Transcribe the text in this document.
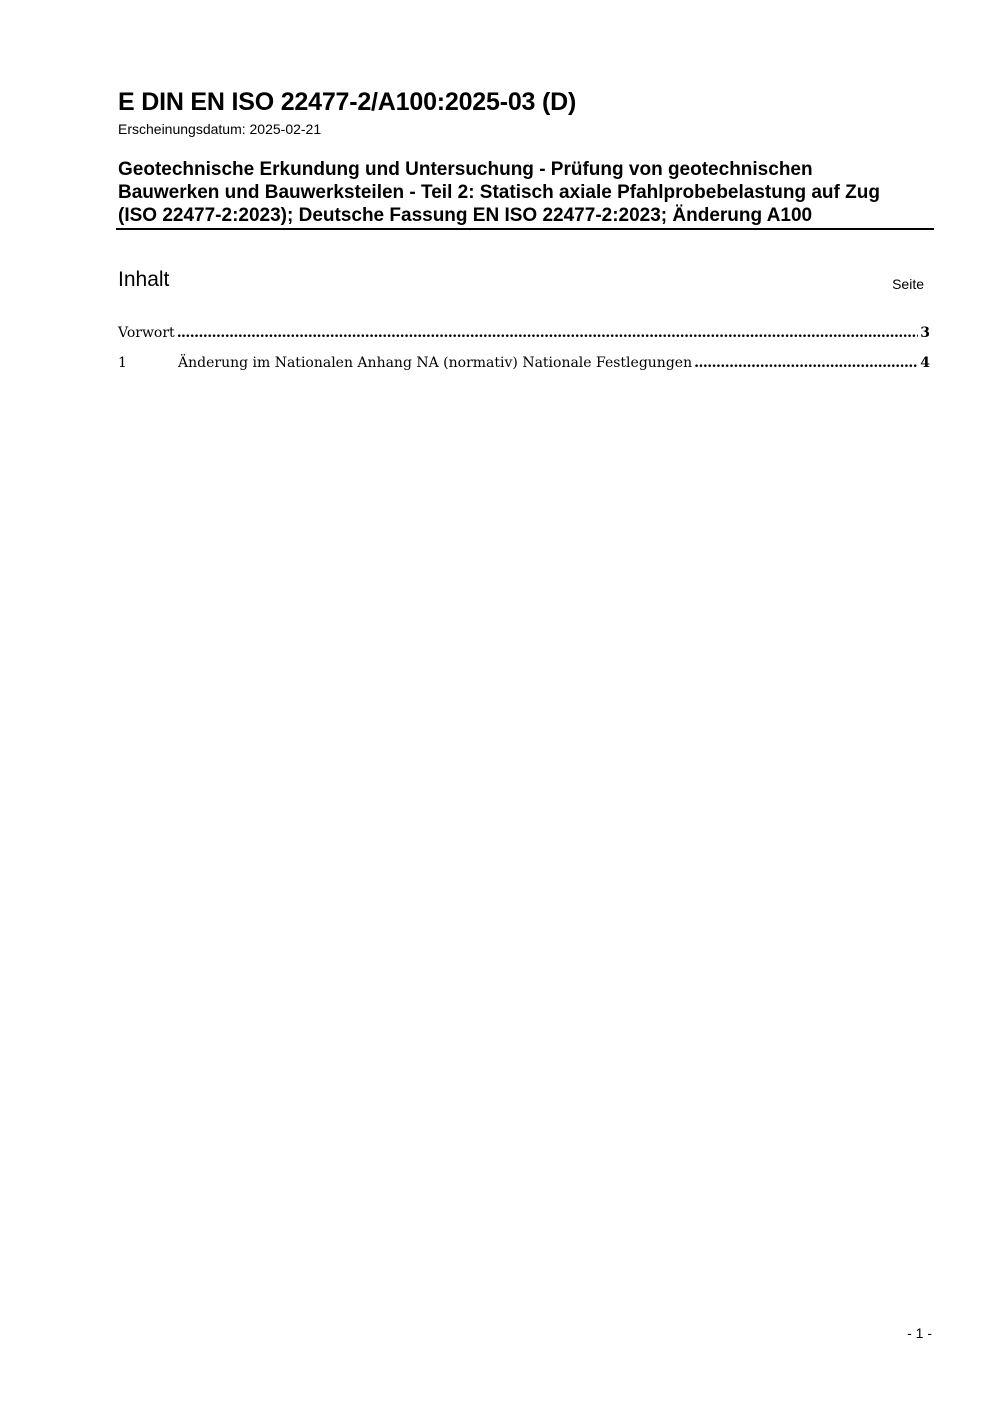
E DIN EN ISO 22477-2/A100:2025-03 (D)
Erscheinungsdatum: 2025-02-21
Geotechnische Erkundung und Untersuchung - Prüfung von geotechnischen
Bauwerken und Bauwerksteilen - Teil 2: Statisch axiale Pfahlprobebelastung auf Zug
(ISO 22477-2:2023); Deutsche Fassung EN ISO 22477-2:2023; Änderung A100
Inhalt	Seite
Vorwort .....	3
1	Änderung im Nationalen Anhang NA (normativ) Nationale Festlegungen .....	4
- 1 -
